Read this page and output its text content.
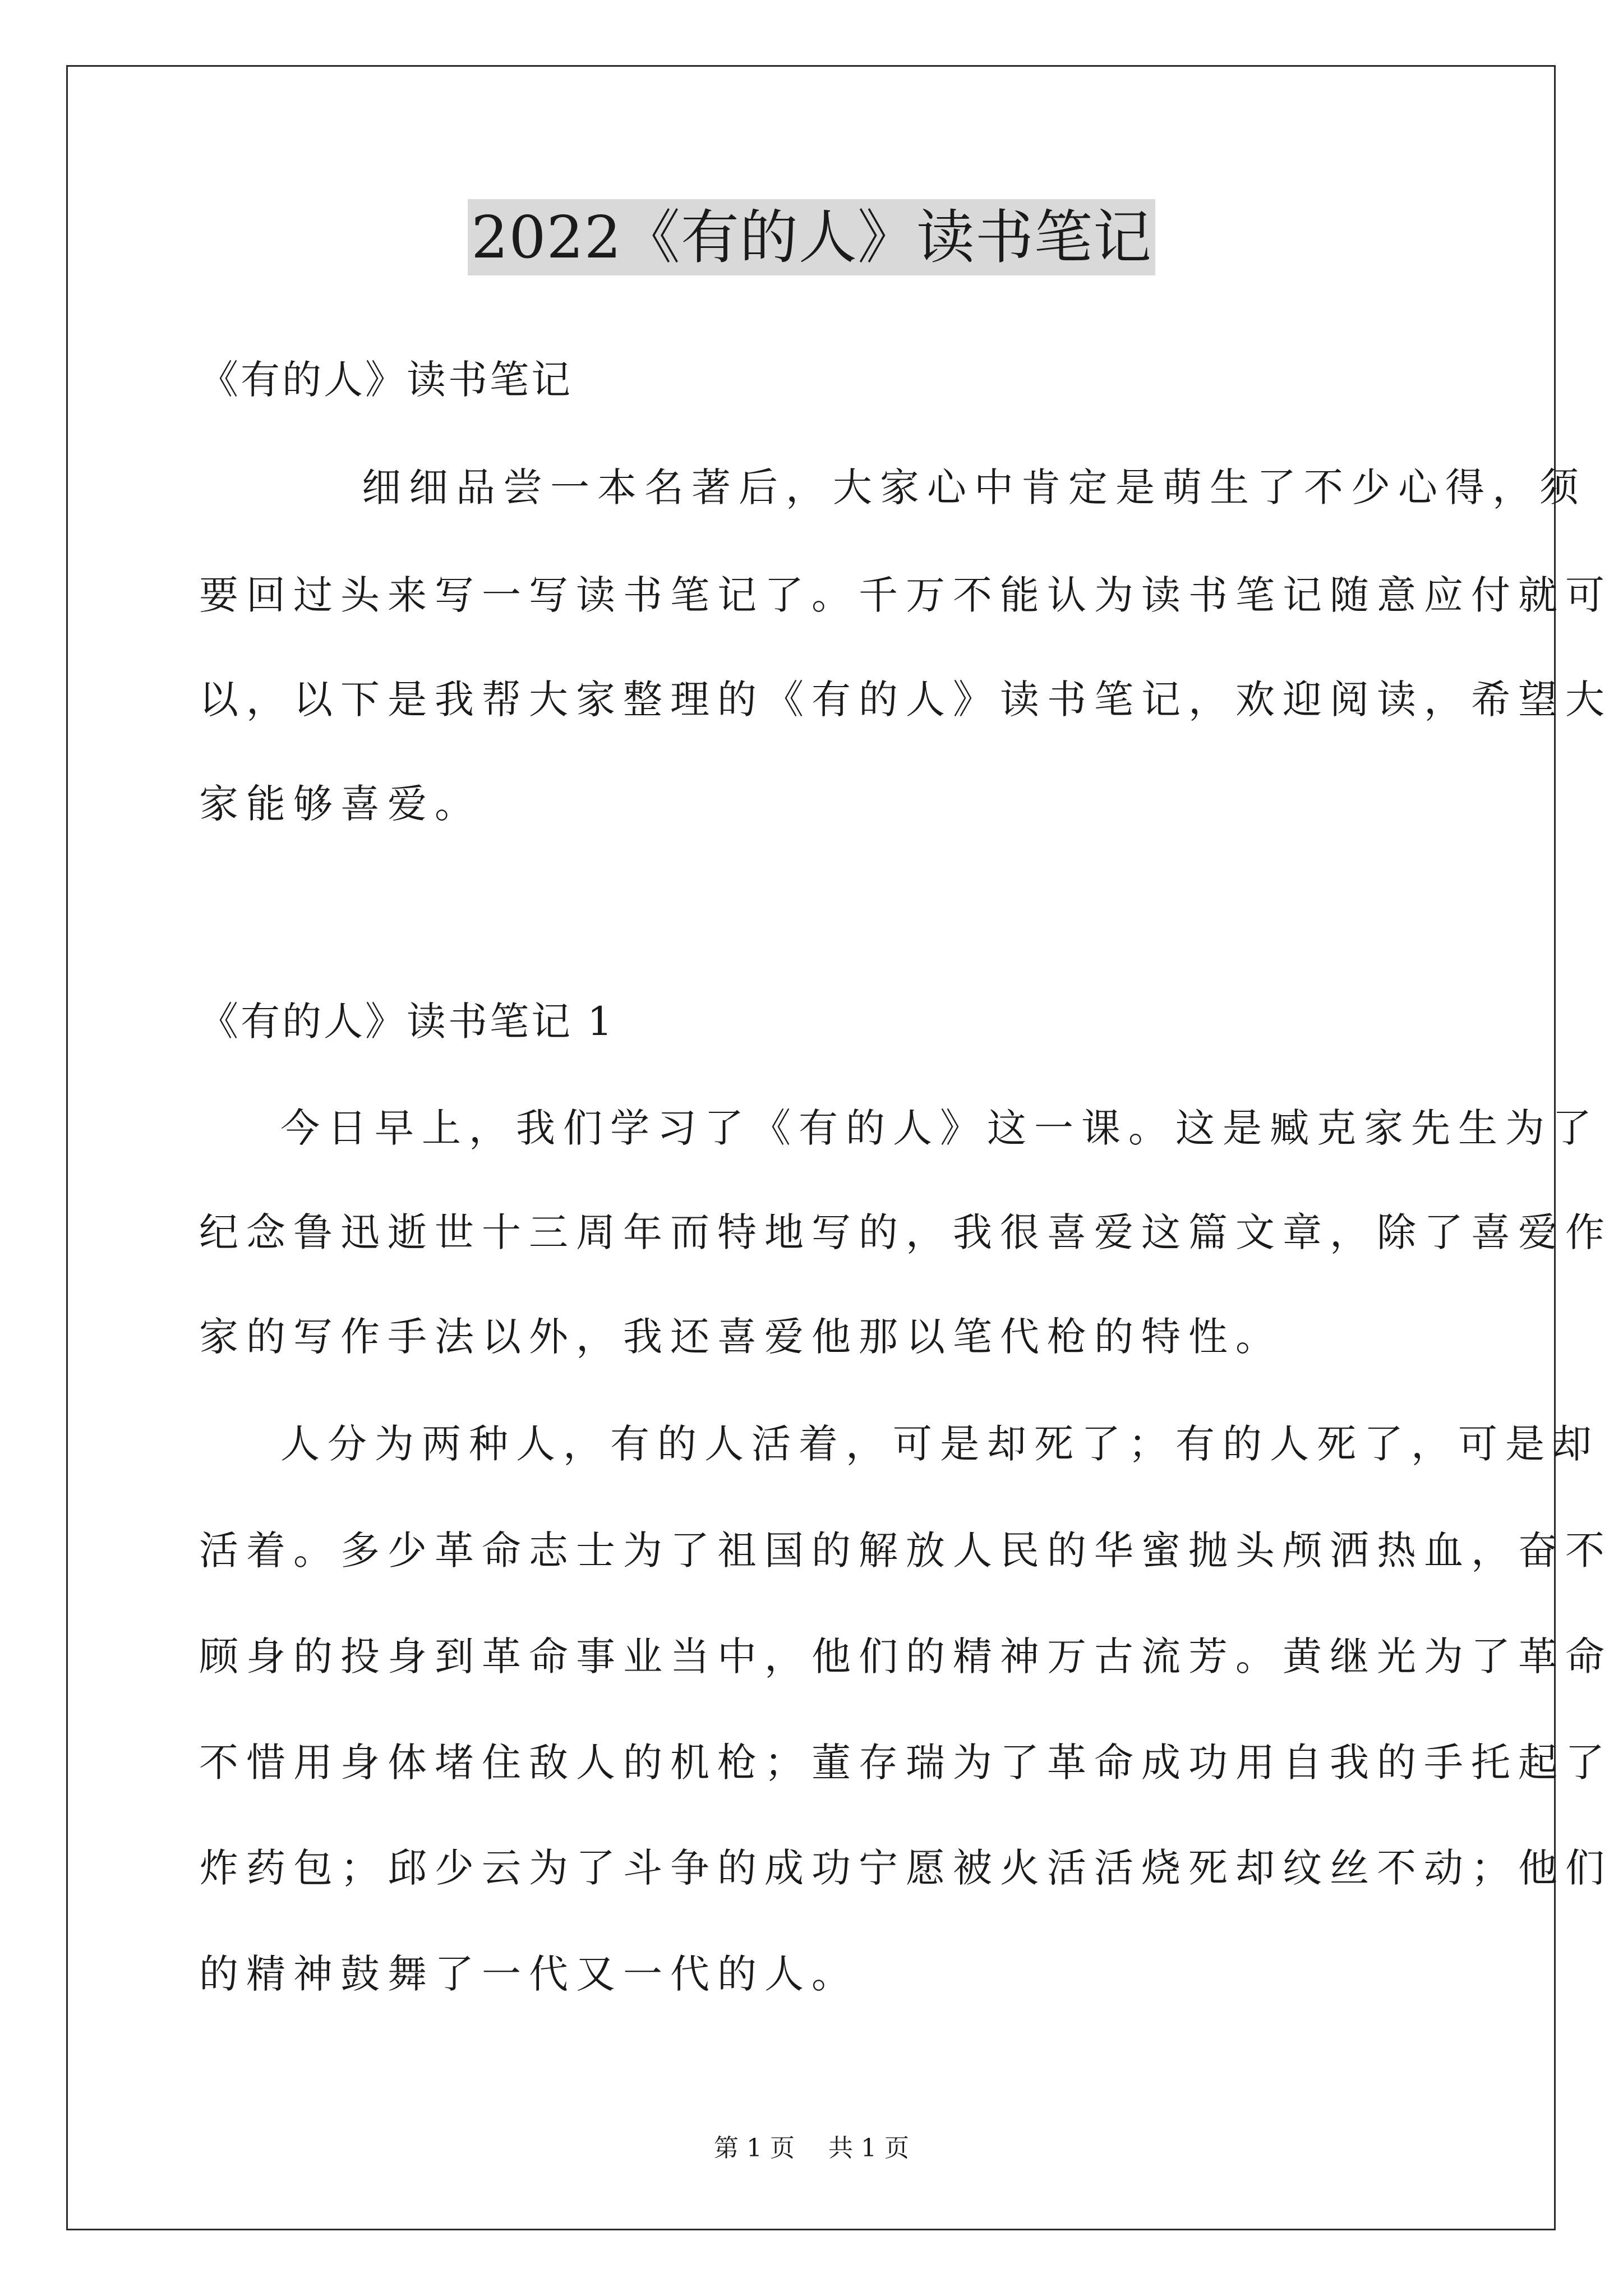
2022《有的人》读书笔记
《有的人》读书笔记
细细品尝一本名著后，大家心中肯定是萌生了不少心得，须
要回过头来写一写读书笔记了。千万不能认为读书笔记随意应付就可
以，以下是我帮大家整理的《有的人》读书笔记，欢迎阅读，希望大
家能够喜爱。
《有的人》读书笔记 1
今日早上，我们学习了《有的人》这一课。这是臧克家先生为了
纪念鲁迅逝世十三周年而特地写的，我很喜爱这篇文章，除了喜爱作
家的写作手法以外，我还喜爱他那以笔代枪的特性。
人分为两种人，有的人活着，可是却死了；有的人死了，可是却
活着。多少革命志士为了祖国的解放人民的华蜜抛头颅洒热血，奋不
顾身的投身到革命事业当中，他们的精神万古流芳。黄继光为了革命
不惜用身体堵住敌人的机枪；董存瑞为了革命成功用自我的手托起了
炸药包；邱少云为了斗争的成功宁愿被火活活烧死却纹丝不动；他们
的精神鼓舞了一代又一代的人。
第 1 页 共 1 页
